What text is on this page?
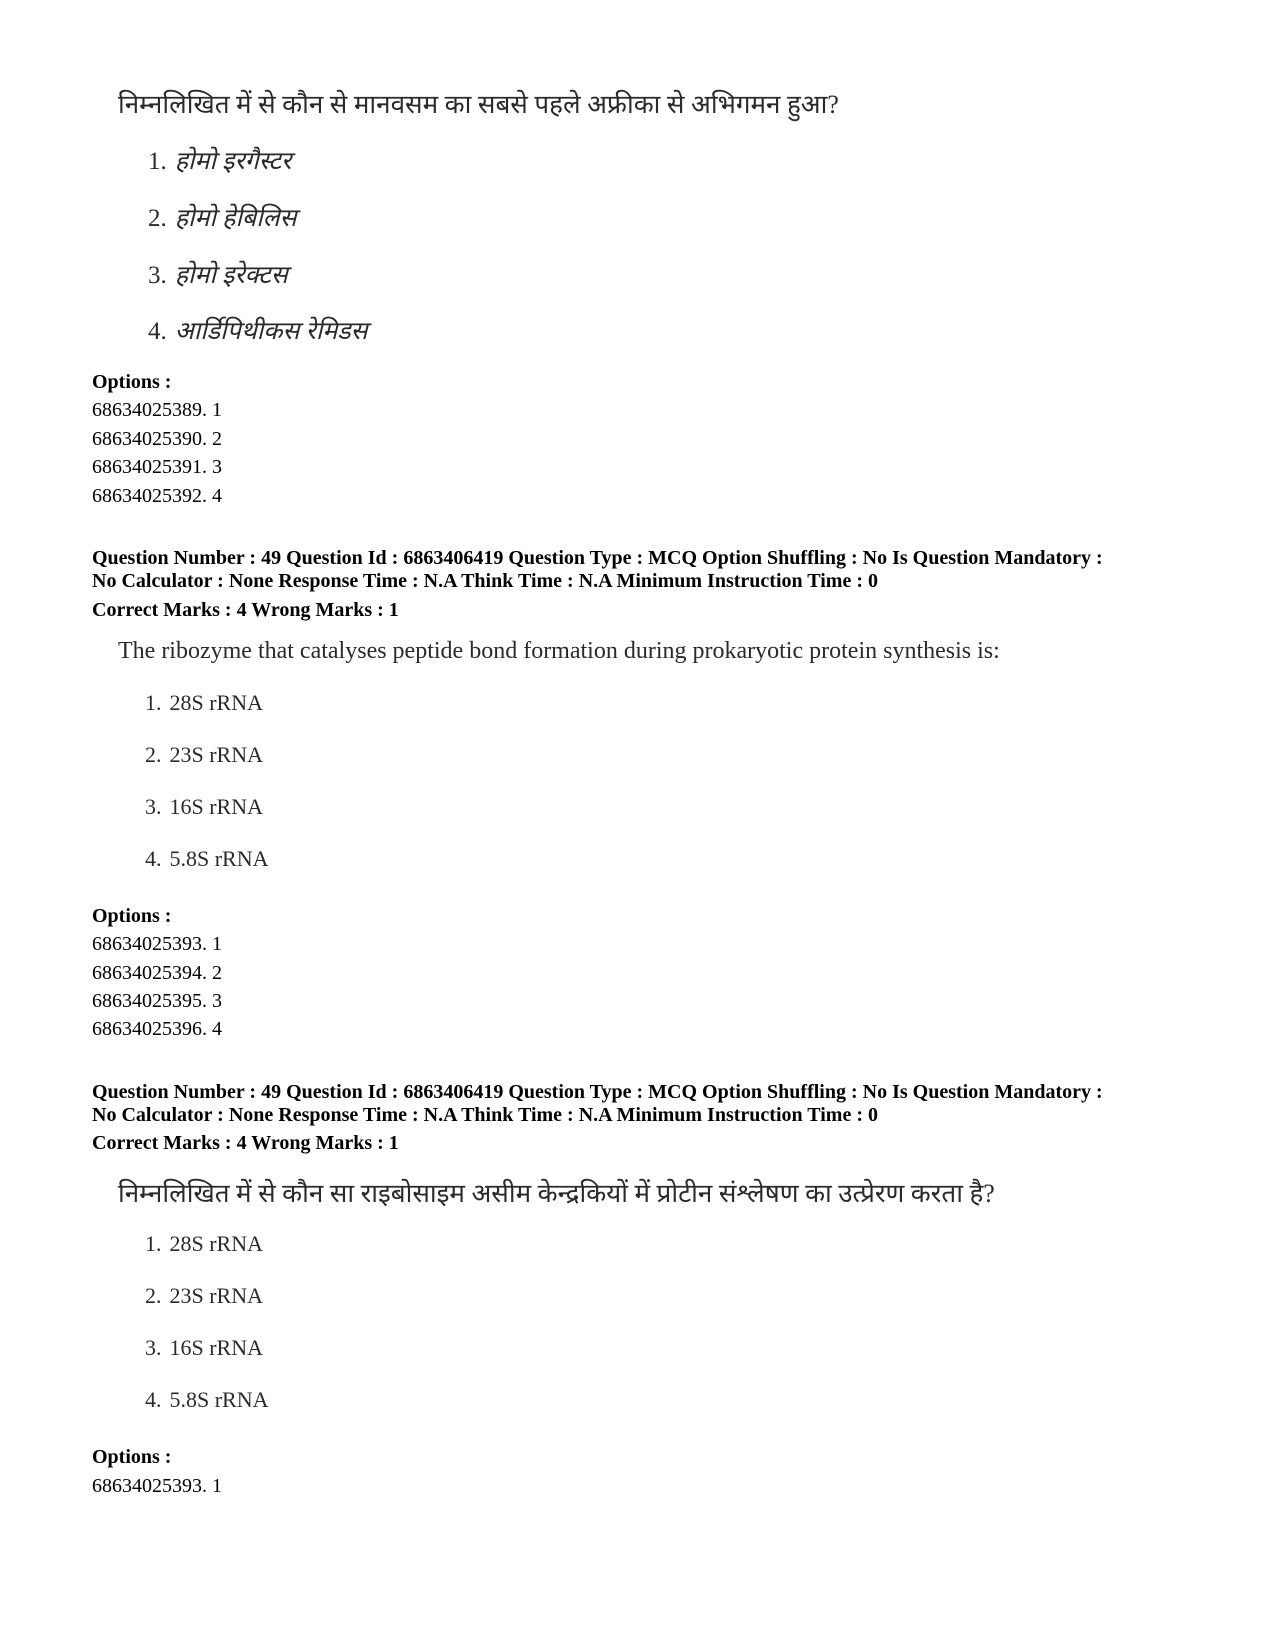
निम्नलिखित में से कौन से मानवसम का सबसे पहले अफ्रीका से अभिगमन हुआ?
1. होमो इरगैस्टर
2. होमो हेबिलिस
3. होमो इरेक्टस
4. आर्डिपिथीकस रेमिडस
Options :
68634025389. 1
68634025390. 2
68634025391. 3
68634025392. 4
Question Number : 49 Question Id : 6863406419 Question Type : MCQ Option Shuffling : No Is Question Mandatory :
No Calculator : None Response Time : N.A Think Time : N.A Minimum Instruction Time : 0
Correct Marks : 4 Wrong Marks : 1
The ribozyme that catalyses peptide bond formation during prokaryotic protein synthesis is:
1. 28S rRNA
2. 23S rRNA
3. 16S rRNA
4. 5.8S rRNA
Options :
68634025393. 1
68634025394. 2
68634025395. 3
68634025396. 4
Question Number : 49 Question Id : 6863406419 Question Type : MCQ Option Shuffling : No Is Question Mandatory :
No Calculator : None Response Time : N.A Think Time : N.A Minimum Instruction Time : 0
Correct Marks : 4 Wrong Marks : 1
निम्नलिखित में से कौन सा राइबोसाइम असीम केन्द्रकियों में प्रोटीन संश्लेषण का उत्प्रेरण करता है?
1. 28S rRNA
2. 23S rRNA
3. 16S rRNA
4. 5.8S rRNA
Options :
68634025393. 1
